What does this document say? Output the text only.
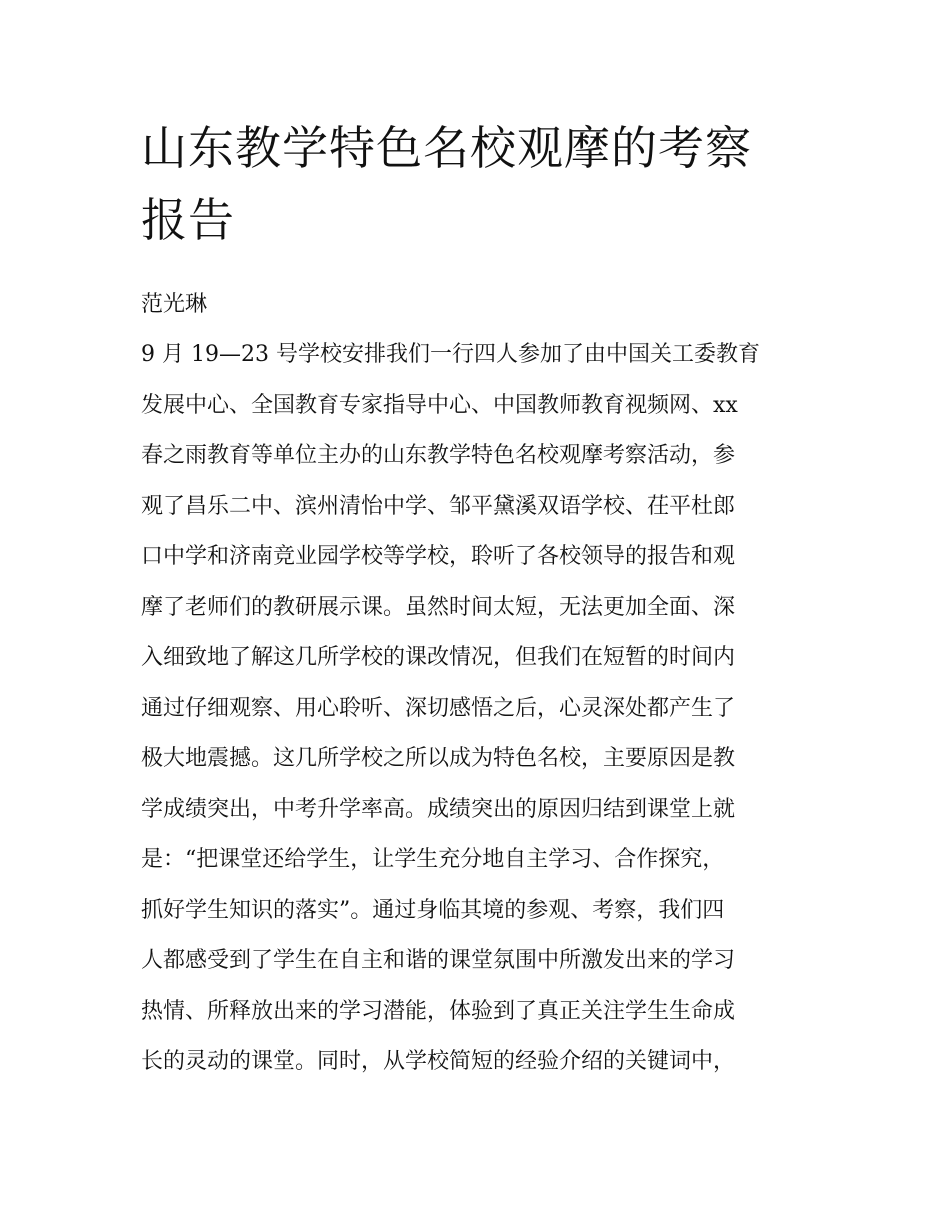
山东教学特色名校观摩的考察
报告

范光琳

9 月 19—23 号学校安排我们一行四人参加了由中国关工委教育
发展中心、全国教育专家指导中心、中国教师教育视频网、xx
春之雨教育等单位主办的山东教学特色名校观摩考察活动，参
观了昌乐二中、滨州清怡中学、邹平黛溪双语学校、茌平杜郎
口中学和济南竞业园学校等学校，聆听了各校领导的报告和观
摩了老师们的教研展示课。虽然时间太短，无法更加全面、深
入细致地了解这几所学校的课改情况，但我们在短暂的时间内
通过仔细观察、用心聆听、深切感悟之后，心灵深处都产生了
极大地震撼。这几所学校之所以成为特色名校，主要原因是教
学成绩突出，中考升学率高。成绩突出的原因归结到课堂上就
是：“把课堂还给学生，让学生充分地自主学习、合作探究，
抓好学生知识的落实”。通过身临其境的参观、考察，我们四
人都感受到了学生在自主和谐的课堂氛围中所激发出来的学习
热情、所释放出来的学习潜能，体验到了真正关注学生生命成
长的灵动的课堂。同时，从学校简短的经验介绍的关键词中，
